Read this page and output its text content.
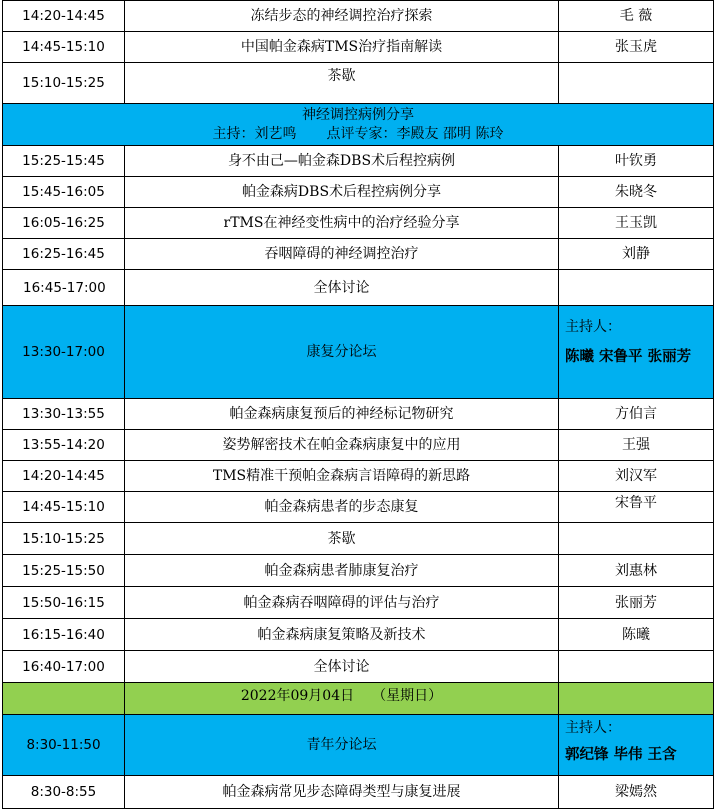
14:20-14:45	冻结步态的神经调控治疗探索	毛 薇
14:45-15:10	中国帕金森病TMS治疗指南解读	张玉虎
15:10-15:25	茶歇	

神经调控病例分享
主持：刘艺鸣 点评专家：李殿友 邵明 陈玲		

15:25-15:45	身不由己—帕金森DBS术后程控病例	叶钦勇
15:45-16:05	帕金森病DBS术后程控病例分享	朱晓冬
16:05-16:25	rTMS在神经变性病中的治疗经验分享	王玉凯
16:25-16:45	吞咽障碍的神经调控治疗	刘静
16:45-17:00	全体讨论	
13:30-17:00	康复分论坛	主持人：
陈曦 宋鲁平 张丽芳

13:30-13:55	帕金森病康复预后的神经标记物研究	方伯言
13:55-14:20	姿势解密技术在帕金森病康复中的应用	王强
14:20-14:45	TMS精准干预帕金森病言语障碍的新思路	刘汉军
14:45-15:10	帕金森病患者的步态康复	宋鲁平
15:10-15:25	茶歇	
15:25-15:50	帕金森病患者肺康复治疗	刘惠林
15:50-16:15	帕金森病吞咽障碍的评估与治疗	张丽芳
16:15-16:40	帕金森病康复策略及新技术	陈曦
16:40-17:00	全体讨论	
	2022年09月04日 （星期日）	
8:30-11:50	青年分论坛	主持人：
郭纪锋 毕伟 王含

8:30-8:55	帕金森病常见步态障碍类型与康复进展	梁嫣然
